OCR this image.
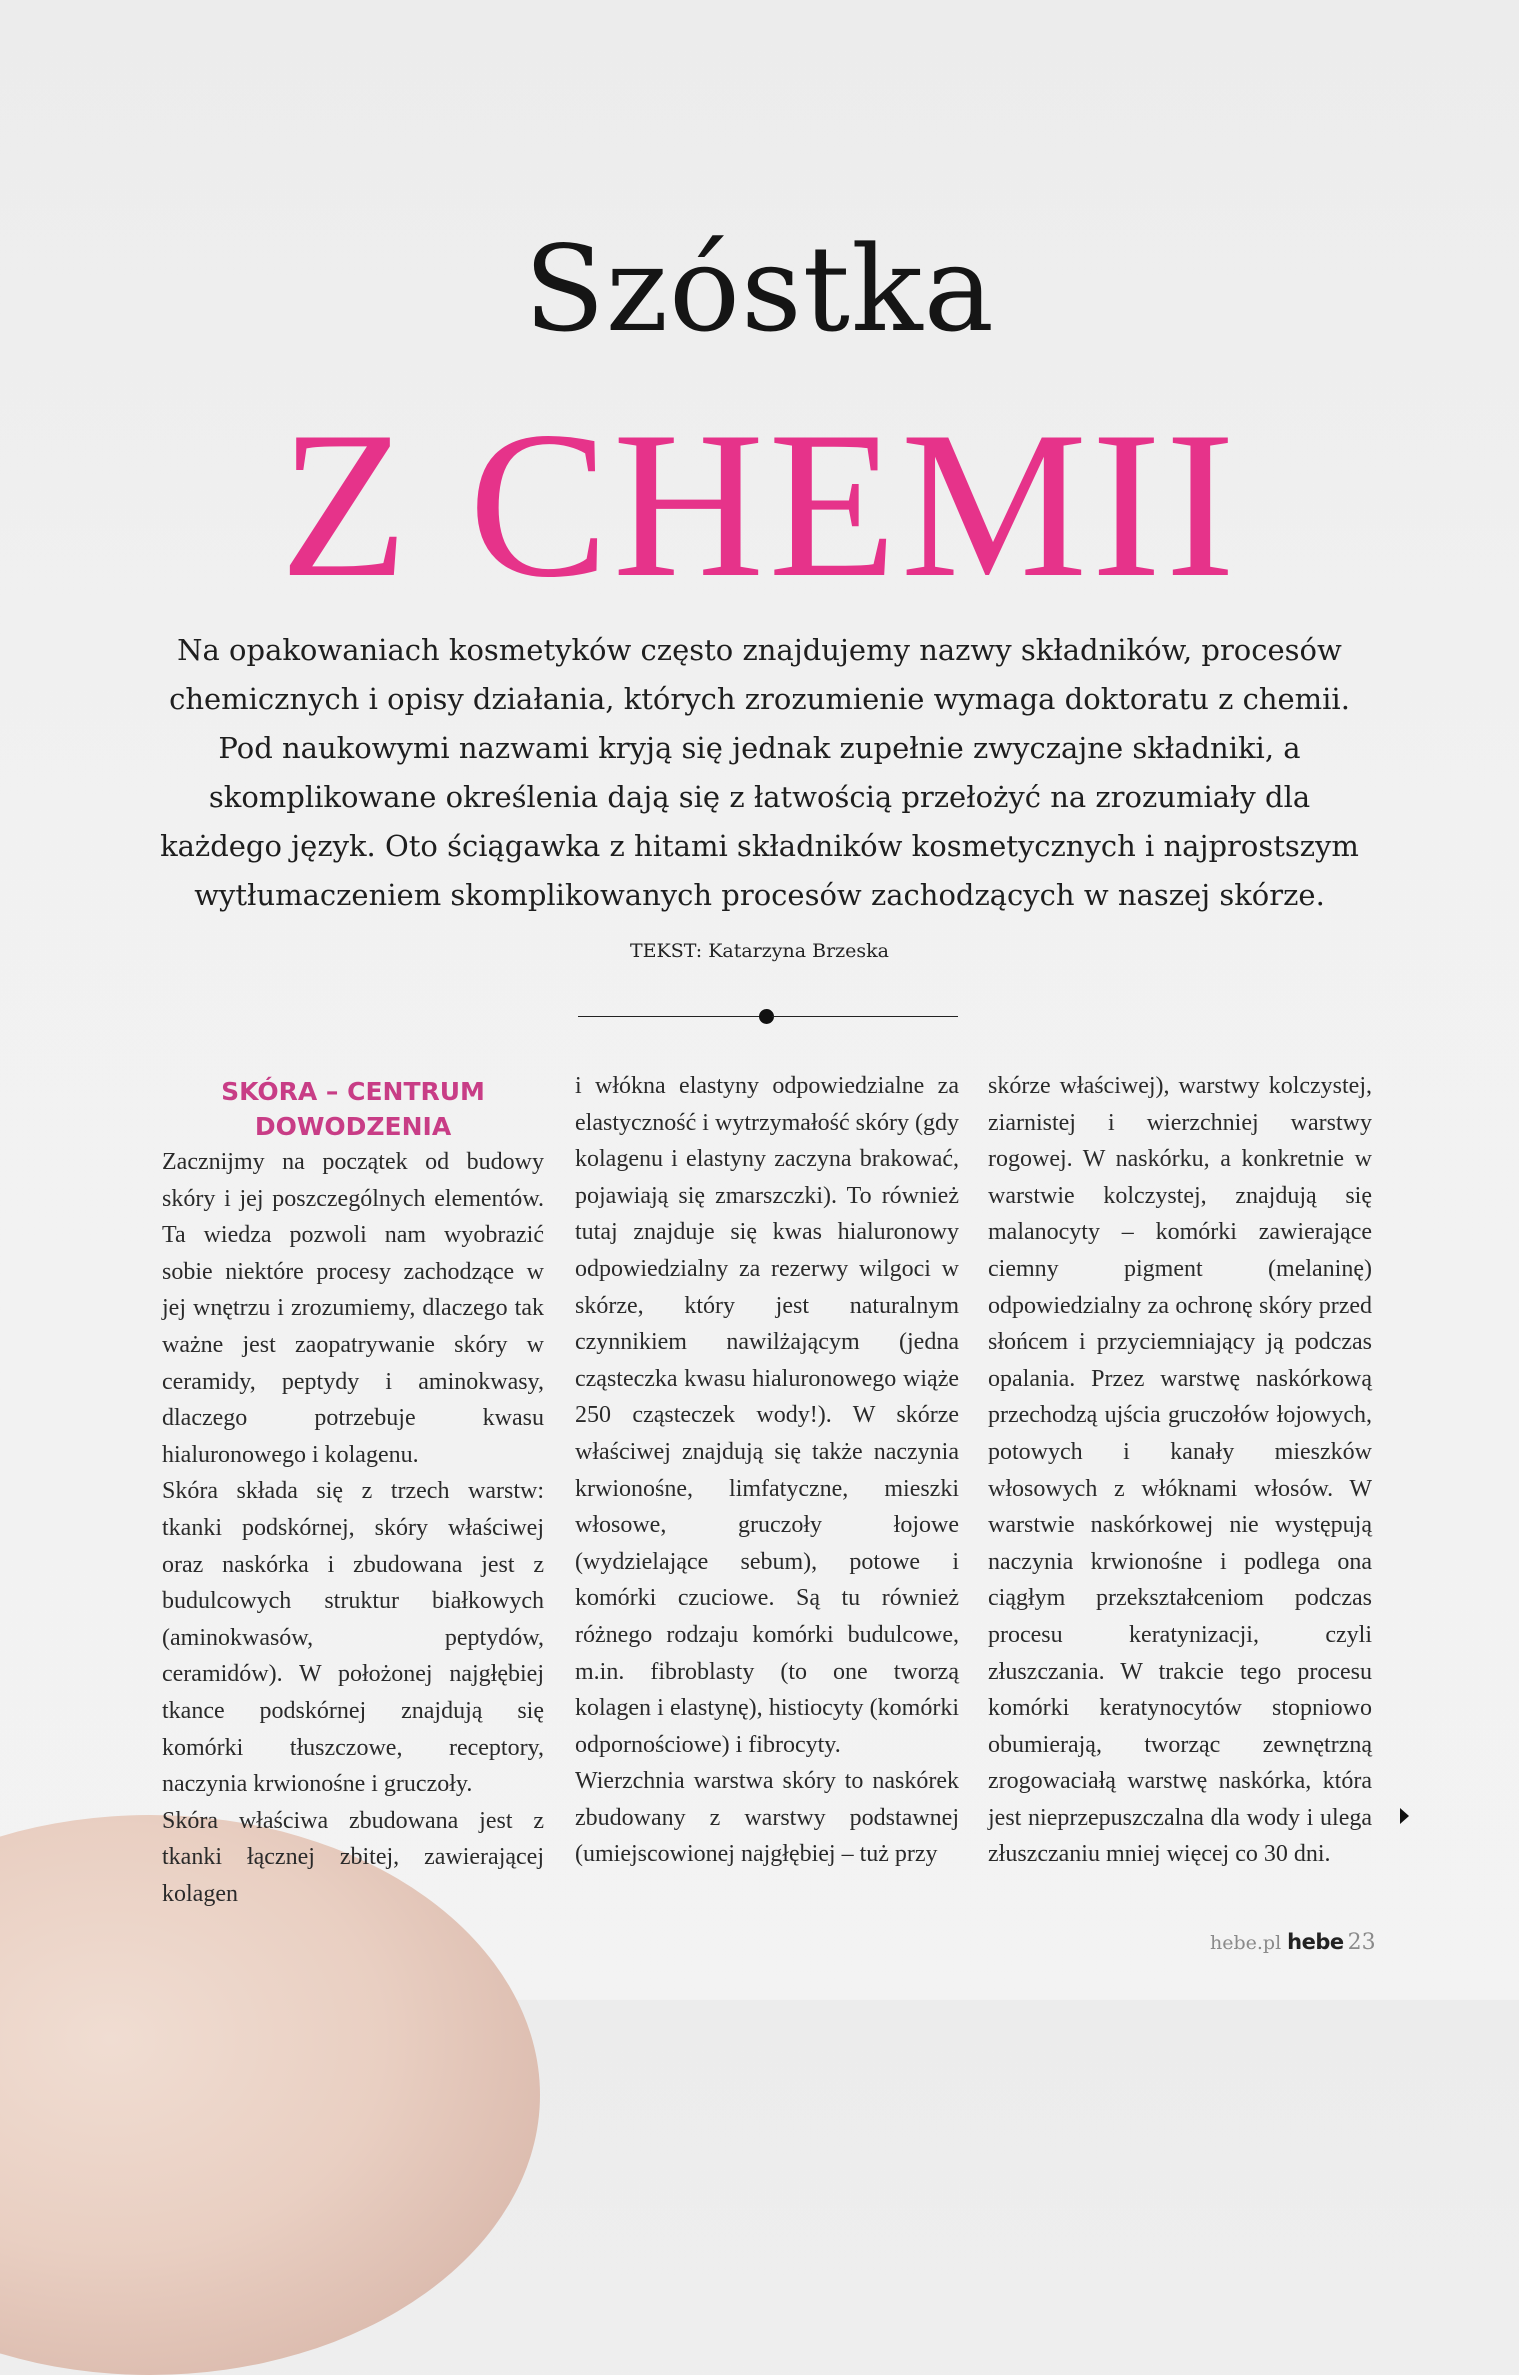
Szóstka
Z CHEMII

Na opakowaniach kosmetyków często znajdujemy nazwy składników, procesów chemicznych i opisy działania, których zrozumienie wymaga doktoratu z chemii. Pod naukowymi nazwami kryją się jednak zupełnie zwyczajne składniki, a skomplikowane określenia dają się z łatwością przełożyć na zrozumiały dla każdego język. Oto ściągawka z hitami składników kosmetycznych i najprostszym wytłumaczeniem skomplikowanych procesów zachodzących w naszej skórze.

TEKST: Katarzyna Brzeska
SKÓRA – CENTRUM
DOWODZENIA

Zacznijmy na początek od budowy skóry i jej poszczególnych elementów. Ta wiedza pozwoli nam wyobrazić sobie niektóre procesy zachodzące w jej wnętrzu i zrozumiemy, dlaczego tak ważne jest zaopatrywanie skóry w ceramidy, peptydy i aminokwasy, dlaczego potrzebuje kwasu hialuronowego i kolagenu.

Skóra składa się z trzech warstw: tkanki podskórnej, skóry właściwej oraz naskórka i zbudowana jest z budulcowych struktur białkowych (aminokwasów, peptydów, ceramidów). W położonej najgłębiej tkance podskórnej znajdują się komórki tłuszczowe, receptory, naczynia krwionośne i gruczoły.

Skóra właściwa zbudowana jest z tkanki łącznej zbitej, zawierającej kolagen

i włókna elastyny odpowiedzialne za elastyczność i wytrzymałość skóry (gdy kolagenu i elastyny zaczyna brakować, pojawiają się zmarszczki). To również tutaj znajduje się kwas hialuronowy odpowiedzialny za rezerwy wilgoci w skórze, który jest naturalnym czynnikiem nawilżającym (jedna cząsteczka kwasu hialuronowego wiąże 250 cząsteczek wody!). W skórze właściwej znajdują się także naczynia krwionośne, limfatyczne, mieszki włosowe, gruczoły łojowe (wydzielające sebum), potowe i komórki czuciowe. Są tu również różnego rodzaju komórki budulcowe, m.in. fibroblasty (to one tworzą kolagen i elastynę), histiocyty (komórki odpornościowe) i fibrocyty.

Wierzchnia warstwa skóry to naskórek zbudowany z warstwy podstawnej (umiejscowionej najgłębiej – tuż przy

skórze właściwej), warstwy kolczystej, ziarnistej i wierzchniej warstwy rogowej. W naskórku, a konkretnie w warstwie kolczystej, znajdują się malanocyty – komórki zawierające ciemny pigment (melaninę) odpowiedzialny za ochronę skóry przed słońcem i przyciemniający ją podczas opalania. Przez warstwę naskórkową przechodzą ujścia gruczołów łojowych, potowych i kanały mieszków włosowych z włóknami włosów. W warstwie naskórkowej nie występują naczynia krwionośne i podlega ona ciągłym przekształceniom podczas procesu keratynizacji, czyli złuszczania. W trakcie tego procesu komórki keratynocytów stopniowo obumierają, tworząc zewnętrzną zrogowaciałą warstwę naskórka, która jest nieprzepuszczalna dla wody i ulega złuszczaniu mniej więcej co 30 dni.

hebe.pl hebe 23
